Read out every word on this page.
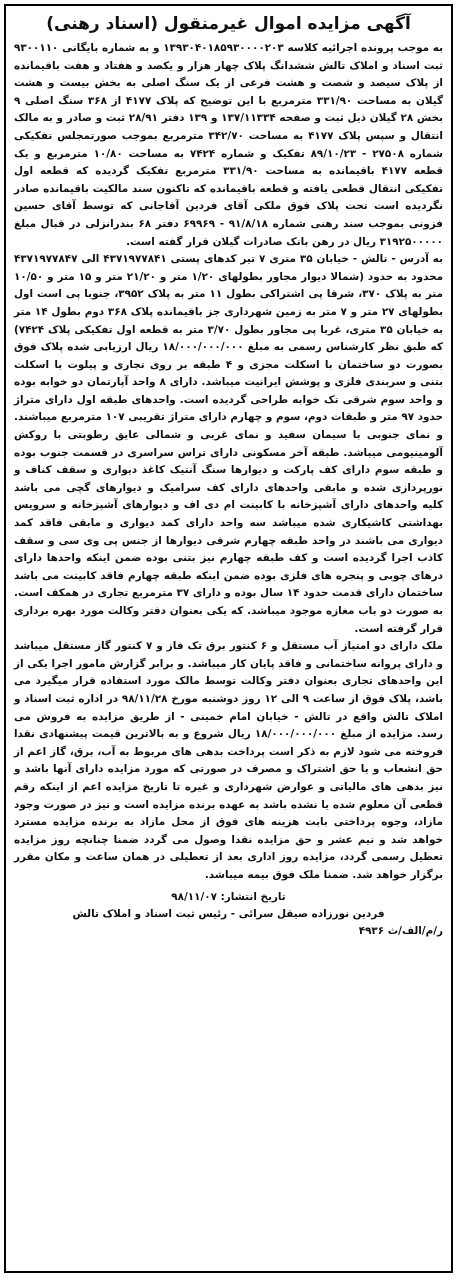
آگهی مزایده اموال غیرمنقول (اسناد رهنی)

به موجب پرونده اجرائیه کلاسه ۱۳۹۳۰۴۰۱۸۵۹۳۰۰۰۰۲۰۳ و به شماره بایگانی ۹۳۰۰۱۱۰ ثبت اسناد و املاک تالش ششدانگ پلاک چهار هزار و یکصد و هفتاد و هفت باقیمانده از پلاک سیصد و شصت و هشت فرعی از یک سنگ اصلی به بخش بیست و هشت گیلان به مساحت ۳۳۱/۹۰ مترمربع با این توضیح که پلاک ۴۱۷۷ از ۳۶۸ سنگ اصلی ۹ بخش ۲۸ گیلان ذیل ثبت و صفحه ۱۳۷/۱۱۳۳۴ و ۱۳۹ دفتر ۲۸/۹۱ ثبت و صادر و به مالک انتقال و سپس پلاک ۴۱۷۷ به مساحت ۳۴۲/۷۰ مترمربع بموجب صورتمجلس تفکیکی شماره ۲۷۵۰۸ - ۸۹/۱۰/۲۳ تفکیک و شماره ۷۴۲۴ به مساحت ۱۰/۸۰ مترمربع و یک قطعه ۴۱۷۷ باقیمانده به مساحت ۳۳۱/۹۰ مترمربع تفکیک گردیده که قطعه اول تفکیکی انتقال قطعی یافته و قطعه باقیمانده که تاکنون سند مالکیت باقیمانده صادر نگردیده است تحت پلاک فوق ملکی آقای فردین آقاجانی که توسط آقای حسین فزونی بموجب سند رهنی شماره ۹۱/۸/۱۸ - ۶۹۹۶۹ دفتر ۶۸ بندرانزلی در قبال مبلغ ۳۱۹۲۵۰۰۰۰۰ ریال در رهن بانک صادرات گیلان قرار گفته است.

به آدرس - تالش - خیابان ۳۵ متری ۷ تیر کدهای پستی ۴۳۷۱۹۷۷۸۴۱ الی ۴۳۷۱۹۷۷۸۴۷ محدود به حدود (شمالا دیوار مجاور بطولهای ۱/۲۰ متر و ۲۱/۲۰ متر و ۱۵ متر و ۱۰/۵۰ متر به پلاک ۳۷۰، شرقا پی اشتراکی بطول ۱۱ متر به پلاک ۳۹۵۲، جنوبا پی است اول بطولهای ۲۷ متر و ۷ متر به زمین شهرداری جز باقیمانده پلاک ۳۶۸ دوم بطول ۱۴ متر به خیابان ۳۵ متری، غربا پی مجاور بطول ۳/۷۰ متر به قطعه اول تفکیکی پلاک ۷۴۲۴) که طبق نظر کارشناس رسمی به مبلغ ۱۸/۰۰۰/۰۰۰/۰۰۰ ریال ارزیابی شده پلاک فوق بصورت دو ساختمان با اسکلت مجزی و ۴ طبقه بر روی تجاری و پیلوت با اسکلت بتنی و سربندی فلزی و پوشش ایرانیت میباشد. دارای ۸ واحد آپارتمان دو خوابه بوده و واحد سوم شرقی تک خوابه طراحی گردیده است. واحدهای طبقه اول دارای متراژ حدود ۹۷ متر و طبقات دوم، سوم و چهارم دارای متراژ تقریبی ۱۰۷ مترمربع میباشند. و نمای جنوبی با سیمان سفید و نمای غربی و شمالی عایق رطوبتی با روکش آلومینیومی میباشد. طبقه آخر مسکونی دارای تراس سراسری در قسمت جنوب بوده و طبقه سوم دارای کف پارکت و دیوارها سنگ آنتیک کاغذ دیواری و سقف کناف و نورپردازی شده و مابقی واحدهای دارای کف سرامیک و دیوارهای گچی می باشد کلیه واحدهای دارای آشپزخانه با کابینت ام دی اف و دیوارهای آشپزخانه و سرویس بهداشتی کاشیکاری شده میباشد سه واحد دارای کمد دیواری و مابقی فاقد کمد دیواری می باشند در واحد طبقه چهارم شرقی دیوارها از جنس پی وی سی و سقف کاذب اجرا گردیده است و کف طبقه چهارم نیز بتنی بوده ضمن اینکه واحدها دارای درهای چوبی و پنجره های فلزی بوده ضمن اینکه طبقه چهارم فاقد کابینت می باشد ساختمان دارای قدمت حدود ۱۴ سال بوده و دارای ۳۷ مترمربع تجاری در همکف است. به صورت دو باب مغازه موجود میباشد. که یکی بعنوان دفتر وکالت مورد بهره برداری قرار گرفته است.

ملک دارای دو امتیاز آب مستقل و ۶ کنتور برق تک فاز و ۷ کنتور گاز مستقل میباشد و دارای پروانه ساختمانی و فاقد پایان کار میباشد. و برابر گزارش مامور اجرا یکی از این واحدهای تجاری بعنوان دفتر وکالت توسط مالک مورد استفاده قرار میگیرد می باشد، پلاک فوق از ساعت ۹ الی ۱۲ روز دوشنبه مورخ ۹۸/۱۱/۲۸ در اداره ثبت اسناد و املاک تالش واقع در تالش - خیابان امام خمینی - از طریق مزایده به فروش می رسد. مزایده از مبلغ ۱۸/۰۰۰/۰۰۰/۰۰۰ ریال شروع و به بالاترین قیمت پیشنهادی نقدا فروخته می شود لازم به ذکر است پرداخت بدهی های مربوط به آب، برق، گاز اعم از حق انشعاب و یا حق اشتراک و مصرف در صورتی که مورد مزایده دارای آنها باشد و نیز بدهی های مالیاتی و عوارض شهرداری و غیره تا تاریخ مزایده اعم از اینکه رقم قطعی آن معلوم شده یا نشده باشد به عهده برنده مزایده است و نیز در صورت وجود مازاد، وجوه پرداختی بابت هزینه های فوق از محل مازاد به برنده مزایده مسترد خواهد شد و نیم عشر و حق مزایده نقدا وصول می گردد ضمنا چنانچه روز مزایده تعطیل رسمی گردد، مزایده روز اداری بعد از تعطیلی در همان ساعت و مکان مقرر برگزار خواهد شد. ضمنا ملک فوق بیمه میباشد.

تاریخ انتشار: ۹۸/۱۱/۰۷
فردین نورزاده صیقل سرائی - رئیس ثبت اسناد و املاک تالش
ر/م/الف/ث ۴۹۳۶
